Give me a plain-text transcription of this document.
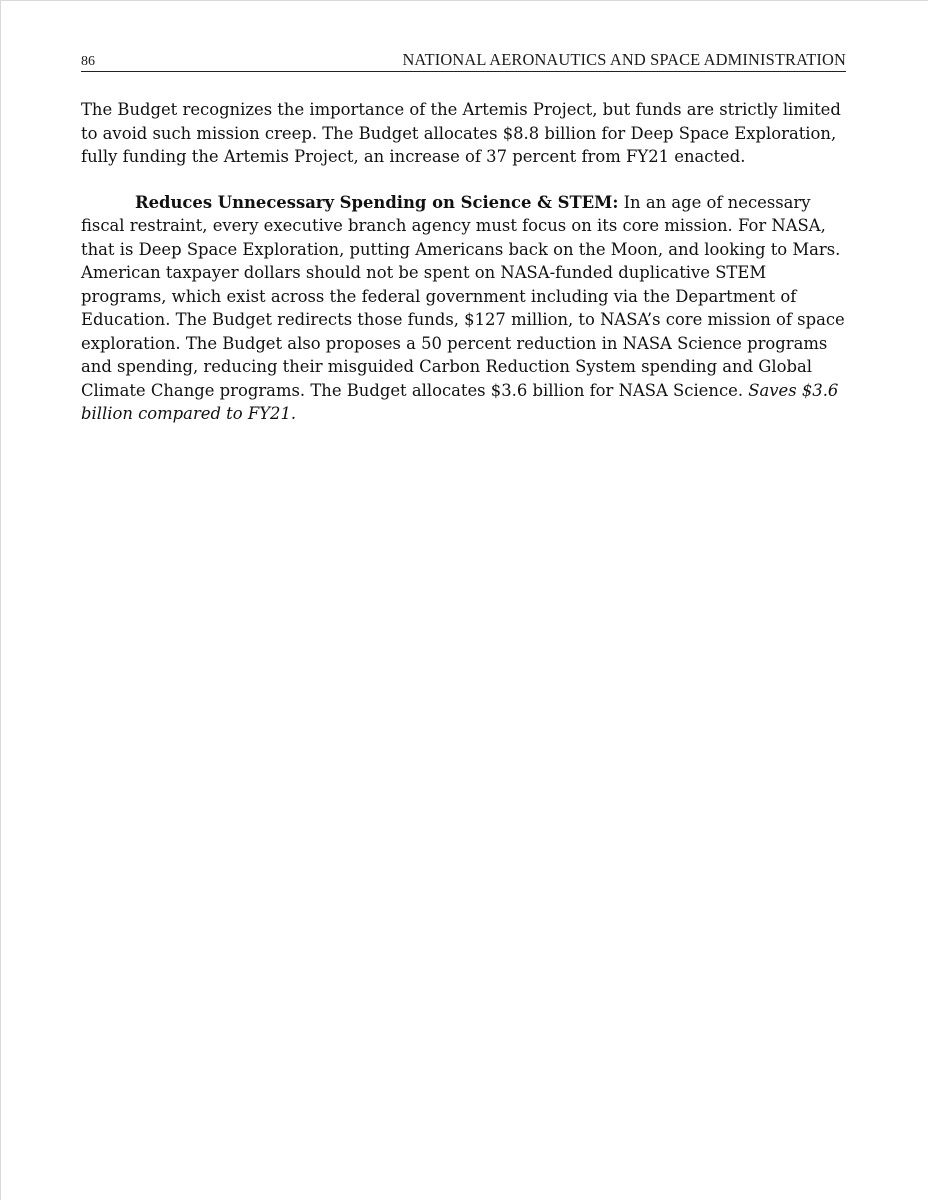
86	NATIONAL AERONAUTICS AND SPACE ADMINISTRATION

The Budget recognizes the importance of the Artemis Project, but funds are strictly limited to avoid such mission creep. The Budget allocates $8.8 billion for Deep Space Exploration, fully funding the Artemis Project, an increase of 37 percent from FY21 enacted.

Reduces Unnecessary Spending on Science & STEM: In an age of necessary fiscal restraint, every executive branch agency must focus on its core mission. For NASA, that is Deep Space Exploration, putting Americans back on the Moon, and looking to Mars. American taxpayer dollars should not be spent on NASA-funded duplicative STEM programs, which exist across the federal government including via the Department of Education. The Budget redirects those funds, $127 million, to NASA’s core mission of space exploration. The Budget also proposes a 50 percent reduction in NASA Science programs and spending, reducing their misguided Carbon Reduction System spending and Global Climate Change programs. The Budget allocates $3.6 billion for NASA Science. Saves $3.6 billion compared to FY21.
